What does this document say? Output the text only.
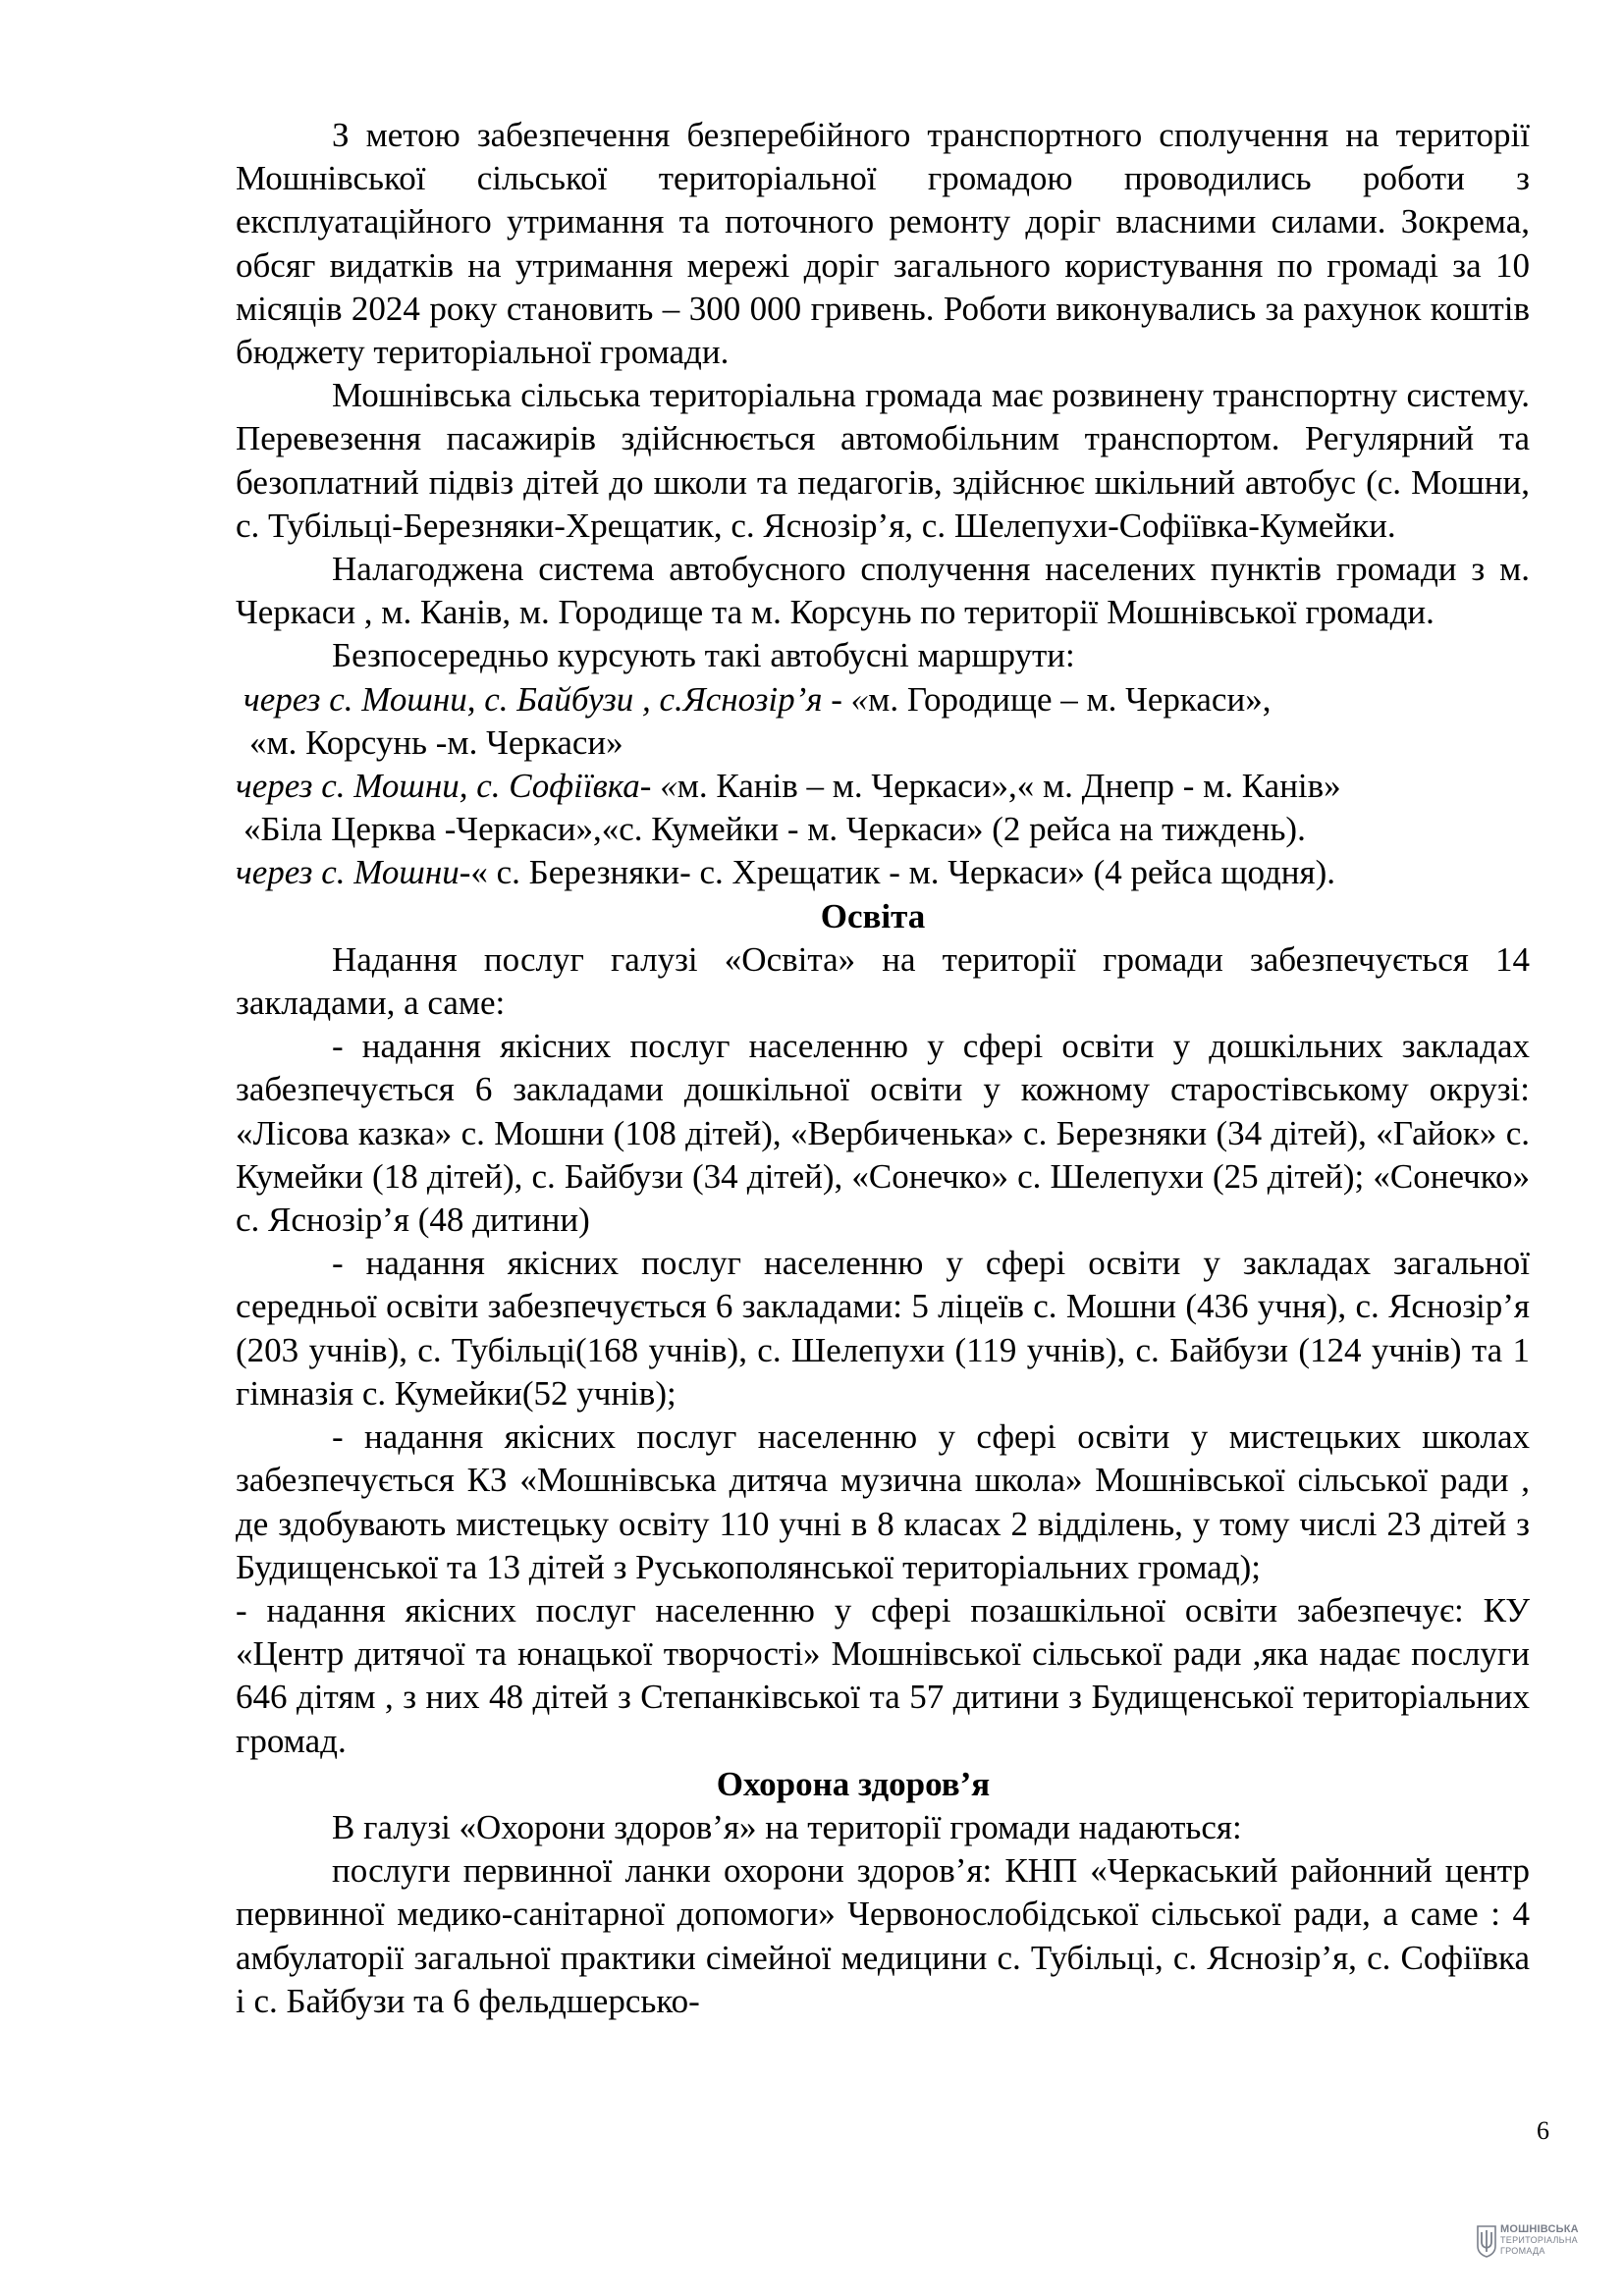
З метою забезпечення безперебійного транспортного сполучення на території Мошнівської сільської територіальної громадою проводились роботи з експлуатаційного утримання та поточного ремонту доріг власними силами. Зокрема, обсяг видатків на утримання мережі доріг загального користування по громаді за 10 місяців 2024 року становить – 300 000 гривень. Роботи виконувались за рахунок коштів бюджету територіальної громади.

Мошнівська сільська територіальна громада має розвинену транспортну систему. Перевезення пасажирів здійснюється автомобільним транспортом. Регулярний та безоплатний підвіз дітей до школи та педагогів, здійснює шкільний автобус (с. Мошни, с. Тубільці-Березняки-Хрещатик, с. Яснозір’я, с. Шелепухи-Софіївка-Кумейки.

Налагоджена система автобусного сполучення населених пунктів громади з м. Черкаси , м. Канів, м. Городище та м. Корсунь по території Мошнівської громади.

Безпосередньо курсують такі автобусні маршрути:

через с. Мошни, с. Байбузи , с.Яснозір’я - «м. Городище – м. Черкаси»,

«м. Корсунь -м. Черкаси»

через с. Мошни, с. Софіївка- «м. Канів – м. Черкаси»,« м. Днепр - м. Канів»

«Біла Церква -Черкаси»,«с. Кумейки - м. Черкаси» (2 рейса на тиждень).

через с. Мошни-« с. Березняки- с. Хрещатик - м. Черкаси» (4 рейса щодня).

Освіта

Надання послуг галузі «Освіта» на території громади забезпечується 14 закладами, а саме:

- надання якісних послуг населенню у сфері освіти у дошкільних закладах забезпечується 6 закладами дошкільної освіти у кожному старостівському окрузі: «Лісова казка» с. Мошни (108 дітей), «Вербиченька» с. Березняки (34 дітей), «Гайок» с. Кумейки (18 дітей), с. Байбузи (34 дітей), «Сонечко» с. Шелепухи (25 дітей); «Сонечко» с. Яснозір’я (48 дитини)

- надання якісних послуг населенню у сфері освіти у закладах загальної середньої освіти забезпечується 6 закладами: 5 ліцеїв с. Мошни (436 учня), с. Яснозір’я (203 учнів), с. Тубільці(168 учнів), с. Шелепухи (119 учнів), с. Байбузи (124 учнів) та 1 гімназія с. Кумейки(52 учнів);

- надання якісних послуг населенню у сфері освіти у мистецьких школах забезпечується КЗ «Мошнівська дитяча музична школа» Мошнівської сільської ради , де здобувають мистецьку освіту 110 учні в 8 класах 2 відділень, у тому числі 23 дітей з Будищенської та 13 дітей з Руськополянської територіальних громад);

- надання якісних послуг населенню у сфері позашкільної освіти забезпечує: КУ «Центр дитячої та юнацької творчості» Мошнівської сільської ради ,яка надає послуги 646 дітям , з них 48 дітей з Степанківської та 57 дитини з Будищенської територіальних громад.

Охорона здоров’я

В галузі «Охорони здоров’я» на території громади надаються:

послуги первинної ланки охорони здоров’я: КНП «Черкаський районний центр первинної медико-санітарної допомоги» Червонослобідської сільської ради, а саме : 4 амбулаторії загальної практики сімейної медицини с. Тубільці, с. Яснозір’я, с. Софіївка і с. Байбузи та 6 фельдшерсько-

6
МОШНІВСЬКА
ТЕРИТОРІАЛЬНА
ГРОМАДА
